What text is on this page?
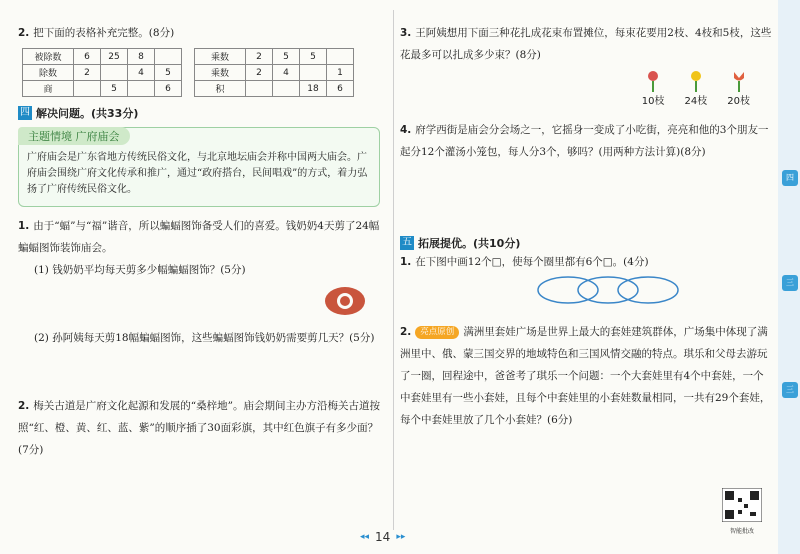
2. 把下面的表格补充完整。(8分)
被除数	6	25	8	
除数	2		4	5
商		5		6
乘数	2	5	5	
乘数	2	4		1
积			18	6
四 解决问题。(共33分)
主题情境 广府庙会
广府庙会是广东省地方传统民俗文化，与北京地坛庙会并称中国两大庙会。广府庙会围绕广府文化传承和推广，通过“政府搭台，民间唱戏”的方式，着力弘扬了广府传统民俗文化。
1. 由于“蝠”与“福”谐音，所以蝙蝠图饰备受人们的喜爱。钱奶奶4天剪了24幅蝙蝠图饰装饰庙会。
(1) 钱奶奶平均每天剪多少幅蝙蝠图饰？(5分)
(2) 孙阿姨每天剪18幅蝙蝠图饰，这些蝙蝠图饰钱奶奶需要剪几天？(5分)
2. 梅关古道是广府文化起源和发展的“桑梓地”。庙会期间主办方沿梅关古道按照“红、橙、黄、红、蓝、紫”的顺序插了30面彩旗，其中红色旗子有多少面？(7分)
3. 王阿姨想用下面三种花扎成花束布置摊位，每束花要用2枝、4枝和5枝，这些花最多可以扎成多少束？(8分)
10枝 24枝 20枝
4. 府学西街是庙会分会场之一，它摇身一变成了小吃街，亮亮和他的3个朋友一起分12个灌汤小笼包，每人分3个，够吗？(用两种方法计算)(8分)
五 拓展提优。(共10分)
1. 在下图中画12个□，使每个圈里都有6个□。(4分)
2. 亮点原创 满洲里套娃广场是世界上最大的套娃建筑群体，广场集中体现了满洲里中、俄、蒙三国交界的地域特色和三国风情交融的特点。琪乐和父母去游玩了一圈，回程途中，爸爸考了琪乐一个问题：一个大套娃里有4个中套娃，一个中套娃里有一些小套娃，且每个中套娃里的小套娃数量相同，一共有29个套娃，每个中套娃里放了几个小套娃？(6分)
智能批改
四
三
三
◂◂ 14 ▸▸
